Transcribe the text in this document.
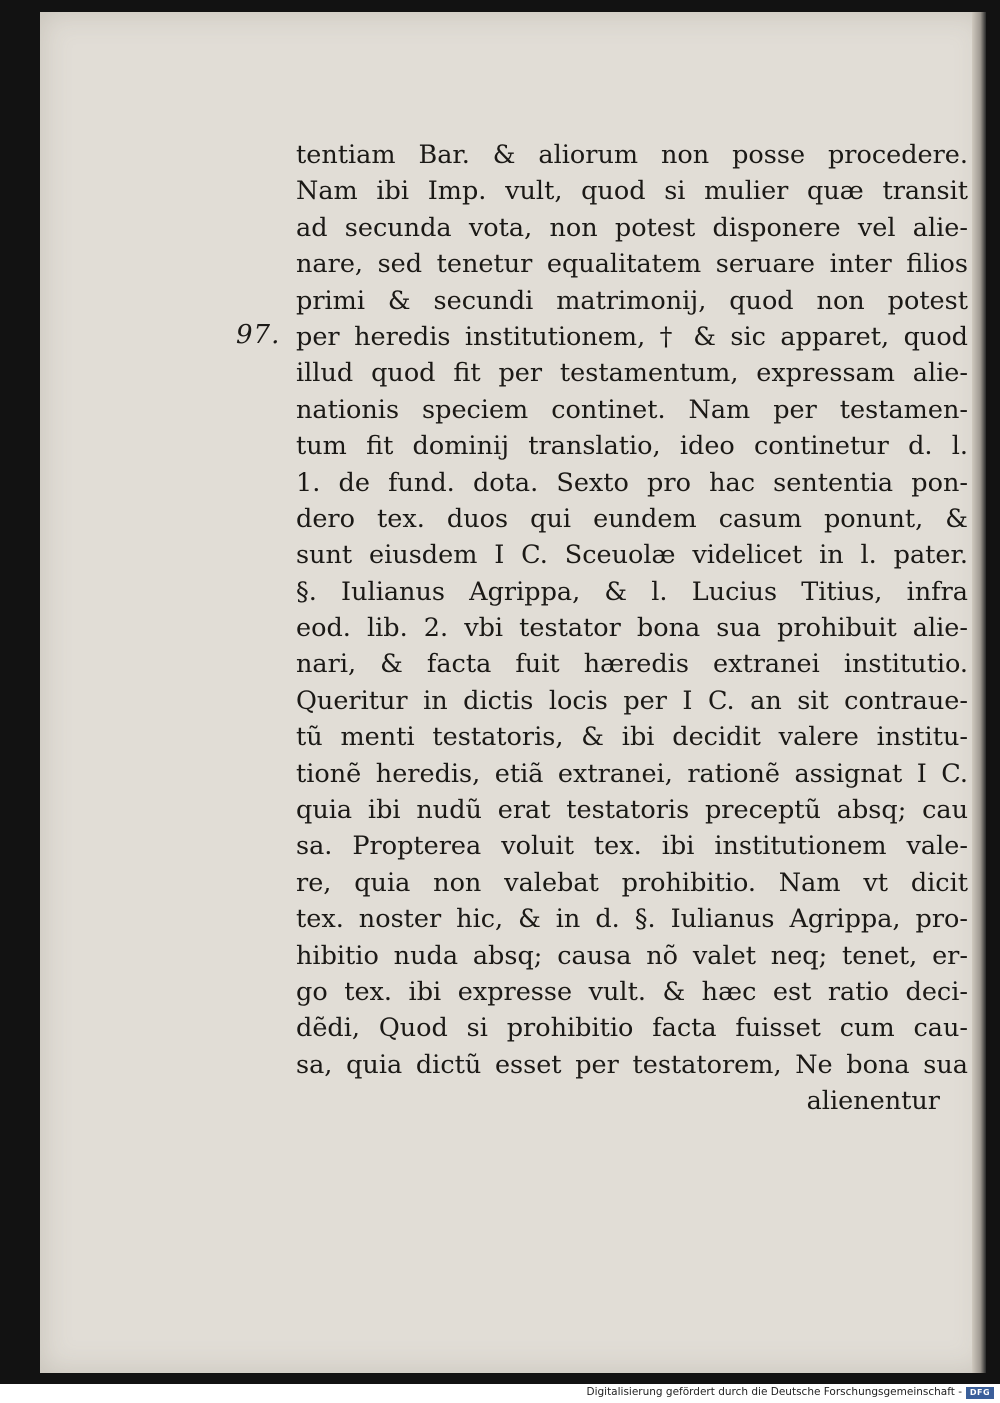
97.
tentiam Bar. & aliorum non posse procedere.
Nam ibi Imp. vult, quod si mulier quæ transit
ad secunda vota, non potest disponere vel alie-
nare, sed tenetur equalitatem seruare inter filios
primi & secundi matrimonij, quod non potest
per heredis institutionem, † & sic apparet, quod
illud quod fit per testamentum, expressam alie-
nationis speciem continet. Nam per testamen-
tum fit dominij translatio, ideo continetur d. l.
1. de fund. dota. Sexto pro hac sententia pon-
dero tex. duos qui eundem casum ponunt, &
sunt eiusdem I C. Sceuolæ videlicet in l. pater.
§. Iulianus Agrippa, & l. Lucius Titius, infra
eod. lib. 2. vbi testator bona sua prohibuit alie-
nari, & facta fuit hæredis extranei institutio.
Queritur in dictis locis per I C. an sit contraue-
tũ menti testatoris, & ibi decidit valere institu-
tionẽ heredis, etiã extranei, rationẽ assignat I C.
quia ibi nudũ erat testatoris preceptũ absq; cau
sa. Propterea voluit tex. ibi institutionem vale-
re, quia non valebat prohibitio. Nam vt dicit
tex. noster hic, & in d. §. Iulianus Agrippa, pro-
hibitio nuda absq; causa nõ valet neq; tenet, er-
go tex. ibi expresse vult. & hæc est ratio deci-
dẽdi, Quod si prohibitio facta fuisset cum cau-
sa, quia dictũ esset per testatorem, Ne bona sua
alienentur
Digitalisierung gefördert durch die Deutsche Forschungsgemeinschaft - DFG
